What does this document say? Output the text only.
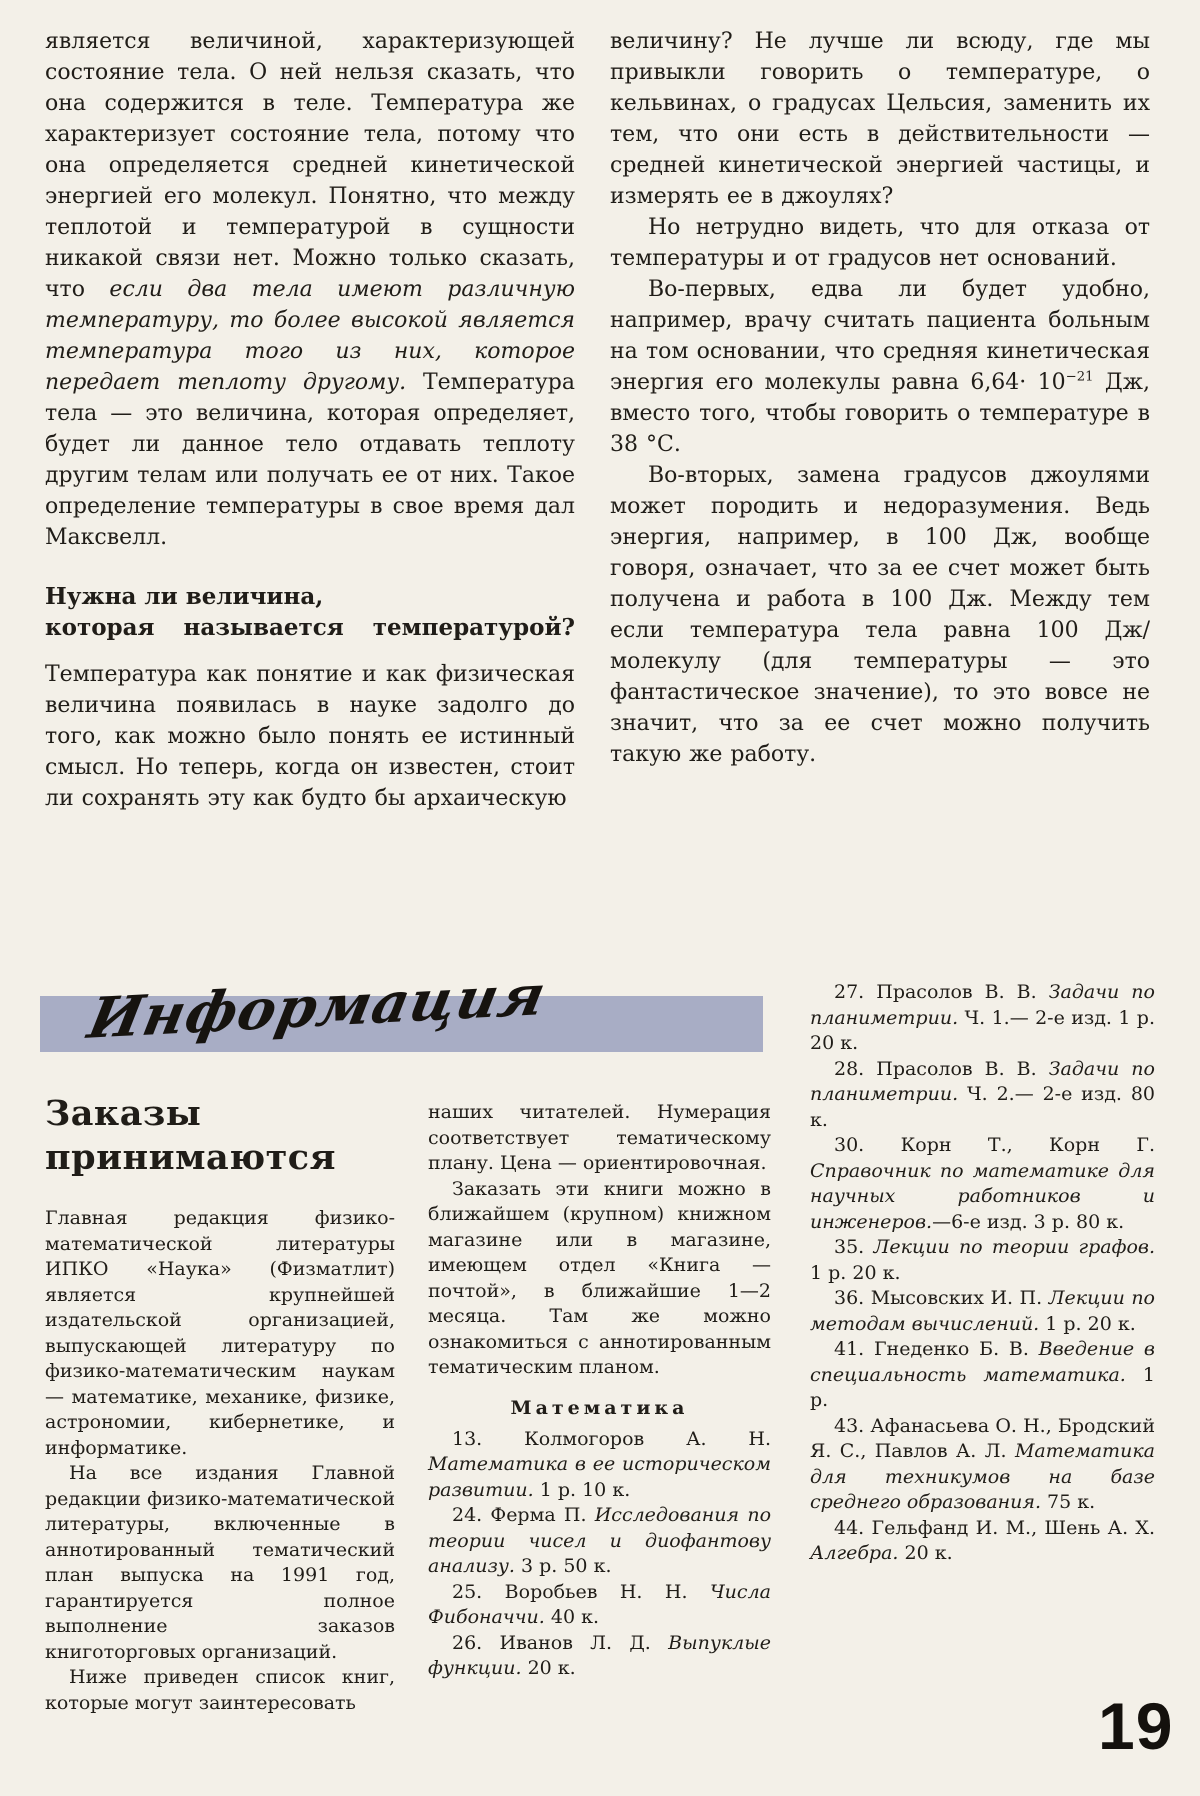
является величиной, характеризующей состояние тела. О ней нельзя сказать, что она содержится в теле. Температура же характеризует состояние тела, потому что она определяется средней кинетической энергией его молекул. Понятно, что между теплотой и температурой в сущности никакой связи нет. Можно только сказать, что если два тела имеют различную температуру, то более высокой является температура того из них, которое передает теплоту другому. Температура тела — это величина, которая определяет, будет ли данное тело отдавать теплоту другим телам или получать ее от них. Такое определение температуры в свое время дал Максвелл.

Нужна ли величина,
которая называется температурой?

Температура как понятие и как физическая величина появилась в науке задолго до того, как можно было понять ее истинный смысл. Но теперь, когда он известен, стоит ли сохранять эту как будто бы архаическую

величину? Не лучше ли всюду, где мы привыкли говорить о температуре, о кельвинах, о градусах Цельсия, заменить их тем, что они есть в действительности — средней кинетической энергией частицы, и измерять ее в джоулях?

Но нетрудно видеть, что для отказа от температуры и от градусов нет оснований.

Во-первых, едва ли будет удобно, например, врачу считать пациента больным на том основании, что средняя кинетическая энергия его молекулы равна $6,64\cdot 10^{-21}$ Дж, вместо того, чтобы говорить о температуре в 38 °С.

Во-вторых, замена градусов джоулями может породить и недоразумения. Ведь энергия, например, в 100 Дж, вообще говоря, означает, что за ее счет может быть получена и работа в 100 Дж. Между тем если температура тела равна 100 Дж/молекулу (для температуры — это фантастическое значение), то это вовсе не значит, что за ее счет можно получить такую же работу.

Информация
Заказы
принимаются

Главная редакция физико-математической литературы ИПКО «Наука» (Физматлит) является крупнейшей издательской организацией, выпускающей литературу по физико-математическим наукам — математике, механике, физике, астрономии, кибернетике, и информатике.

На все издания Главной редакции физико-математической литературы, включенные в аннотированный тематический план выпуска на 1991 год, гарантируется полное выполнение заказов книготорговых организаций.

Ниже приведен список книг, которые могут заинтересовать

наших читателей. Нумерация соответствует тематическому плану. Цена — ориентировочная.

Заказать эти книги можно в ближайшем (крупном) книжном магазине или в магазине, имеющем отдел «Книга — почтой», в ближайшие 1—2 месяца. Там же можно ознакомиться с аннотированным тематическим планом.

Математика

13. Колмогоров А. Н. Математика в ее историческом развитии. 1 р. 10 к.

24. Ферма П. Исследования по теории чисел и диофантову анализу. 3 р. 50 к.

25. Воробьев Н. Н. Числа Фибоначчи. 40 к.

26. Иванов Л. Д. Выпуклые функции. 20 к.

27. Прасолов В. В. Задачи по планиметрии. Ч. 1.— 2-е изд. 1 р. 20 к.

28. Прасолов В. В. Задачи по планиметрии. Ч. 2.— 2-е изд. 80 к.

30. Корн Т., Корн Г. Справочник по математике для научных работников и инженеров.—6-е изд. 3 р. 80 к.

35. Лекции по теории графов. 1 р. 20 к.

36. Мысовских И. П. Лекции по методам вычислений. 1 р. 20 к.

41. Гнеденко Б. В. Введение в специальность математика. 1 р.

43. Афанасьева О. Н., Бродский Я. С., Павлов А. Л. Математика для техникумов на базе среднего образования. 75 к.

44. Гельфанд И. М., Шень А. Х. Алгебра. 20 к.

19
